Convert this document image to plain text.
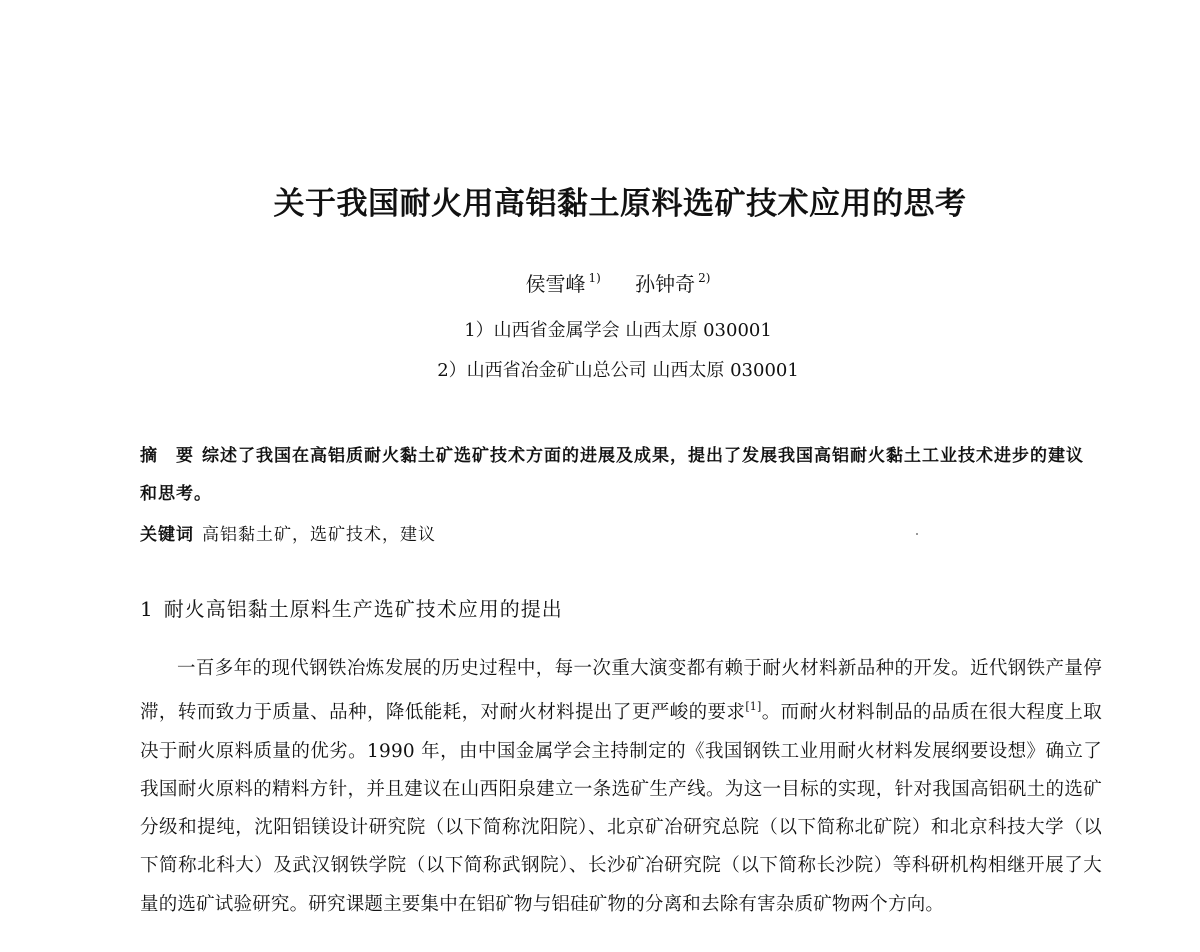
关于我国耐火用高铝黏土原料选矿技术应用的思考
侯雪峰 $^{1)}$ 孙钟奇 $^{2)}$
1）山西省金属学会 山西太原 030001
2）山西省冶金矿山总公司 山西太原 030001
摘　要 综述了我国在高铝质耐火黏土矿选矿技术方面的进展及成果，提出了发展我国高铝耐火黏土工业技术进步的建议和思考。
关键词 高铝黏土矿，选矿技术，建议
1 耐火高铝黏土原料生产选矿技术应用的提出
一百多年的现代钢铁冶炼发展的历史过程中，每一次重大演变都有赖于耐火材料新品种的开发。近代钢铁产量停滞，转而致力于质量、品种，降低能耗，对耐火材料提出了更严峻的要求[1]。而耐火材料制品的品质在很大程度上取决于耐火原料质量的优劣。1990 年，由中国金属学会主持制定的《我国钢铁工业用耐火材料发展纲要设想》确立了我国耐火原料的精料方针，并且建议在山西阳泉建立一条选矿生产线。为这一目标的实现，针对我国高铝矾土的选矿分级和提纯，沈阳铝镁设计研究院（以下简称沈阳院）、北京矿冶研究总院（以下简称北矿院）和北京科技大学（以下简称北科大）及武汉钢铁学院（以下简称武钢院）、长沙矿冶研究院（以下简称长沙院）等科研机构相继开展了大量的选矿试验研究。研究课题主要集中在铝矿物与铝硅矿物的分离和去除有害杂质矿物两个方向。
